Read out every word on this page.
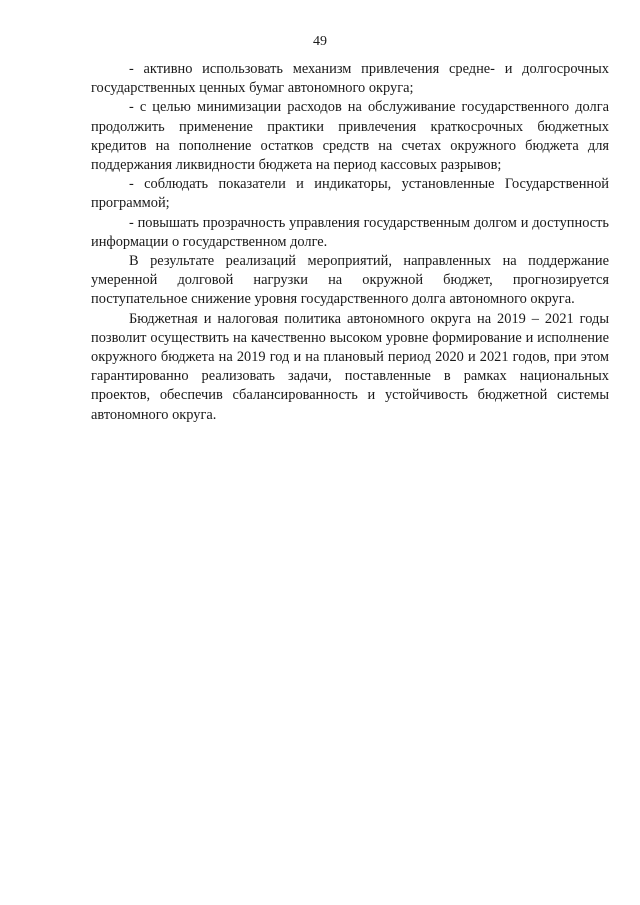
49

- активно использовать механизм привлечения средне- и долгосрочных государственных ценных бумаг автономного округа;

- с целью минимизации расходов на обслуживание государственного долга продолжить применение практики привлечения краткосрочных бюджетных кредитов на пополнение остатков средств на счетах окружного бюджета для поддержания ликвидности бюджета на период кассовых разрывов;

- соблюдать показатели и индикаторы, установленные Государственной программой;

- повышать прозрачность управления государственным долгом и доступность информации о государственном долге.

В результате реализаций мероприятий, направленных на поддержание умеренной долговой нагрузки на окружной бюджет, прогнозируется поступательное снижение уровня государственного долга автономного округа.

Бюджетная и налоговая политика автономного округа на 2019 – 2021 годы позволит осуществить на качественно высоком уровне формирование и исполнение окружного бюджета на 2019 год и на плановый период 2020 и 2021 годов, при этом гарантированно реализовать задачи, поставленные в рамках национальных проектов, обеспечив сбалансированность и устойчивость бюджетной системы автономного округа.
